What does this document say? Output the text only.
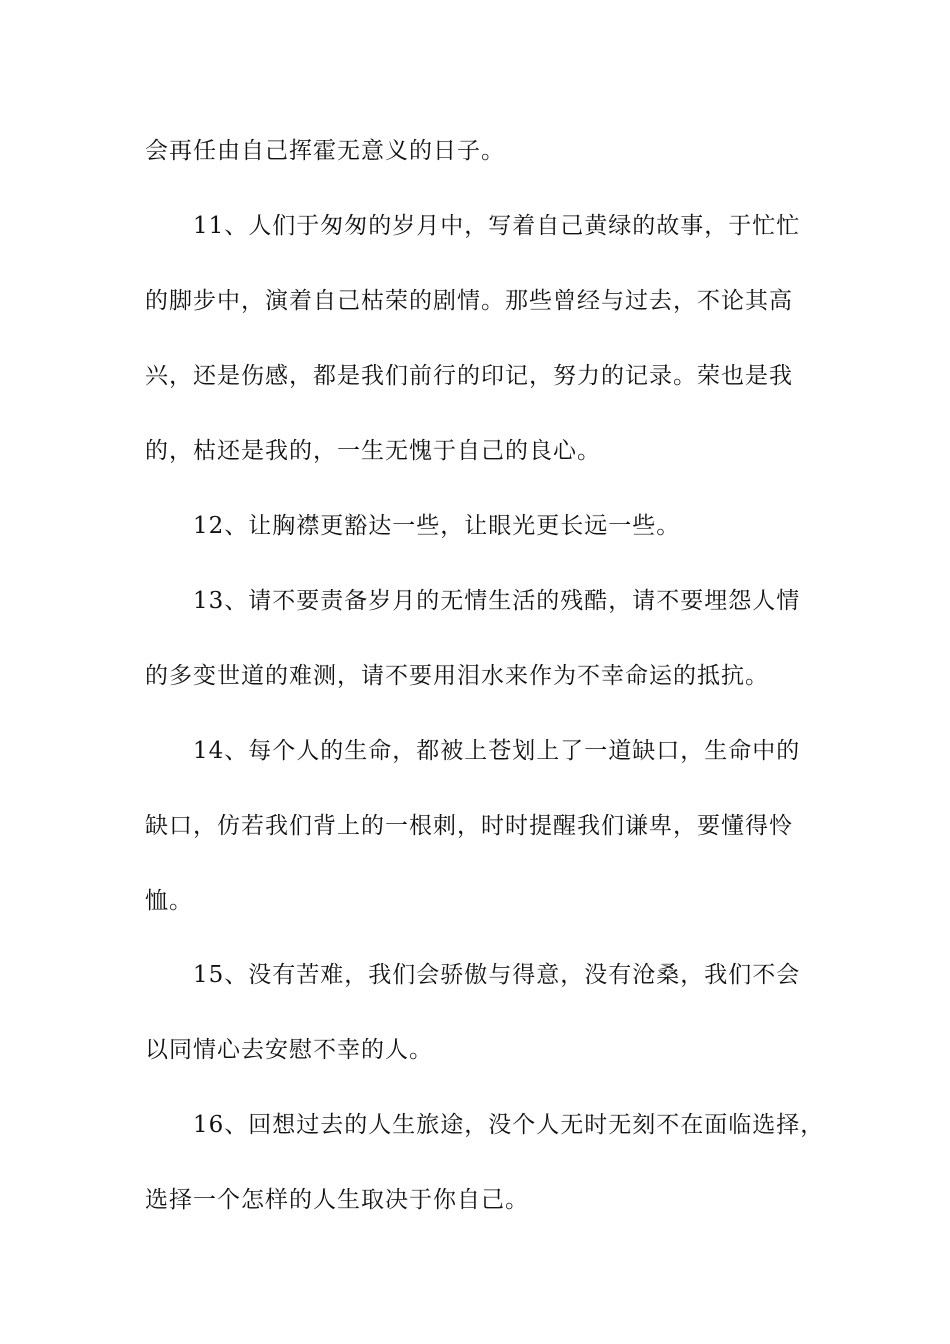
会再任由自己挥霍无意义的日子。
11、人们于匆匆的岁月中，写着自己黄绿的故事，于忙忙
的脚步中，演着自己枯荣的剧情。那些曾经与过去，不论其高
兴，还是伤感，都是我们前行的印记，努力的记录。荣也是我
的，枯还是我的，一生无愧于自己的良心。
12、让胸襟更豁达一些，让眼光更长远一些。
13、请不要责备岁月的无情生活的残酷，请不要埋怨人情
的多变世道的难测，请不要用泪水来作为不幸命运的抵抗。
14、每个人的生命，都被上苍划上了一道缺口，生命中的
缺口，仿若我们背上的一根刺，时时提醒我们谦卑，要懂得怜
恤。
15、没有苦难，我们会骄傲与得意，没有沧桑，我们不会
以同情心去安慰不幸的人。
16、回想过去的人生旅途，没个人无时无刻不在面临选择，
选择一个怎样的人生取决于你自己。
